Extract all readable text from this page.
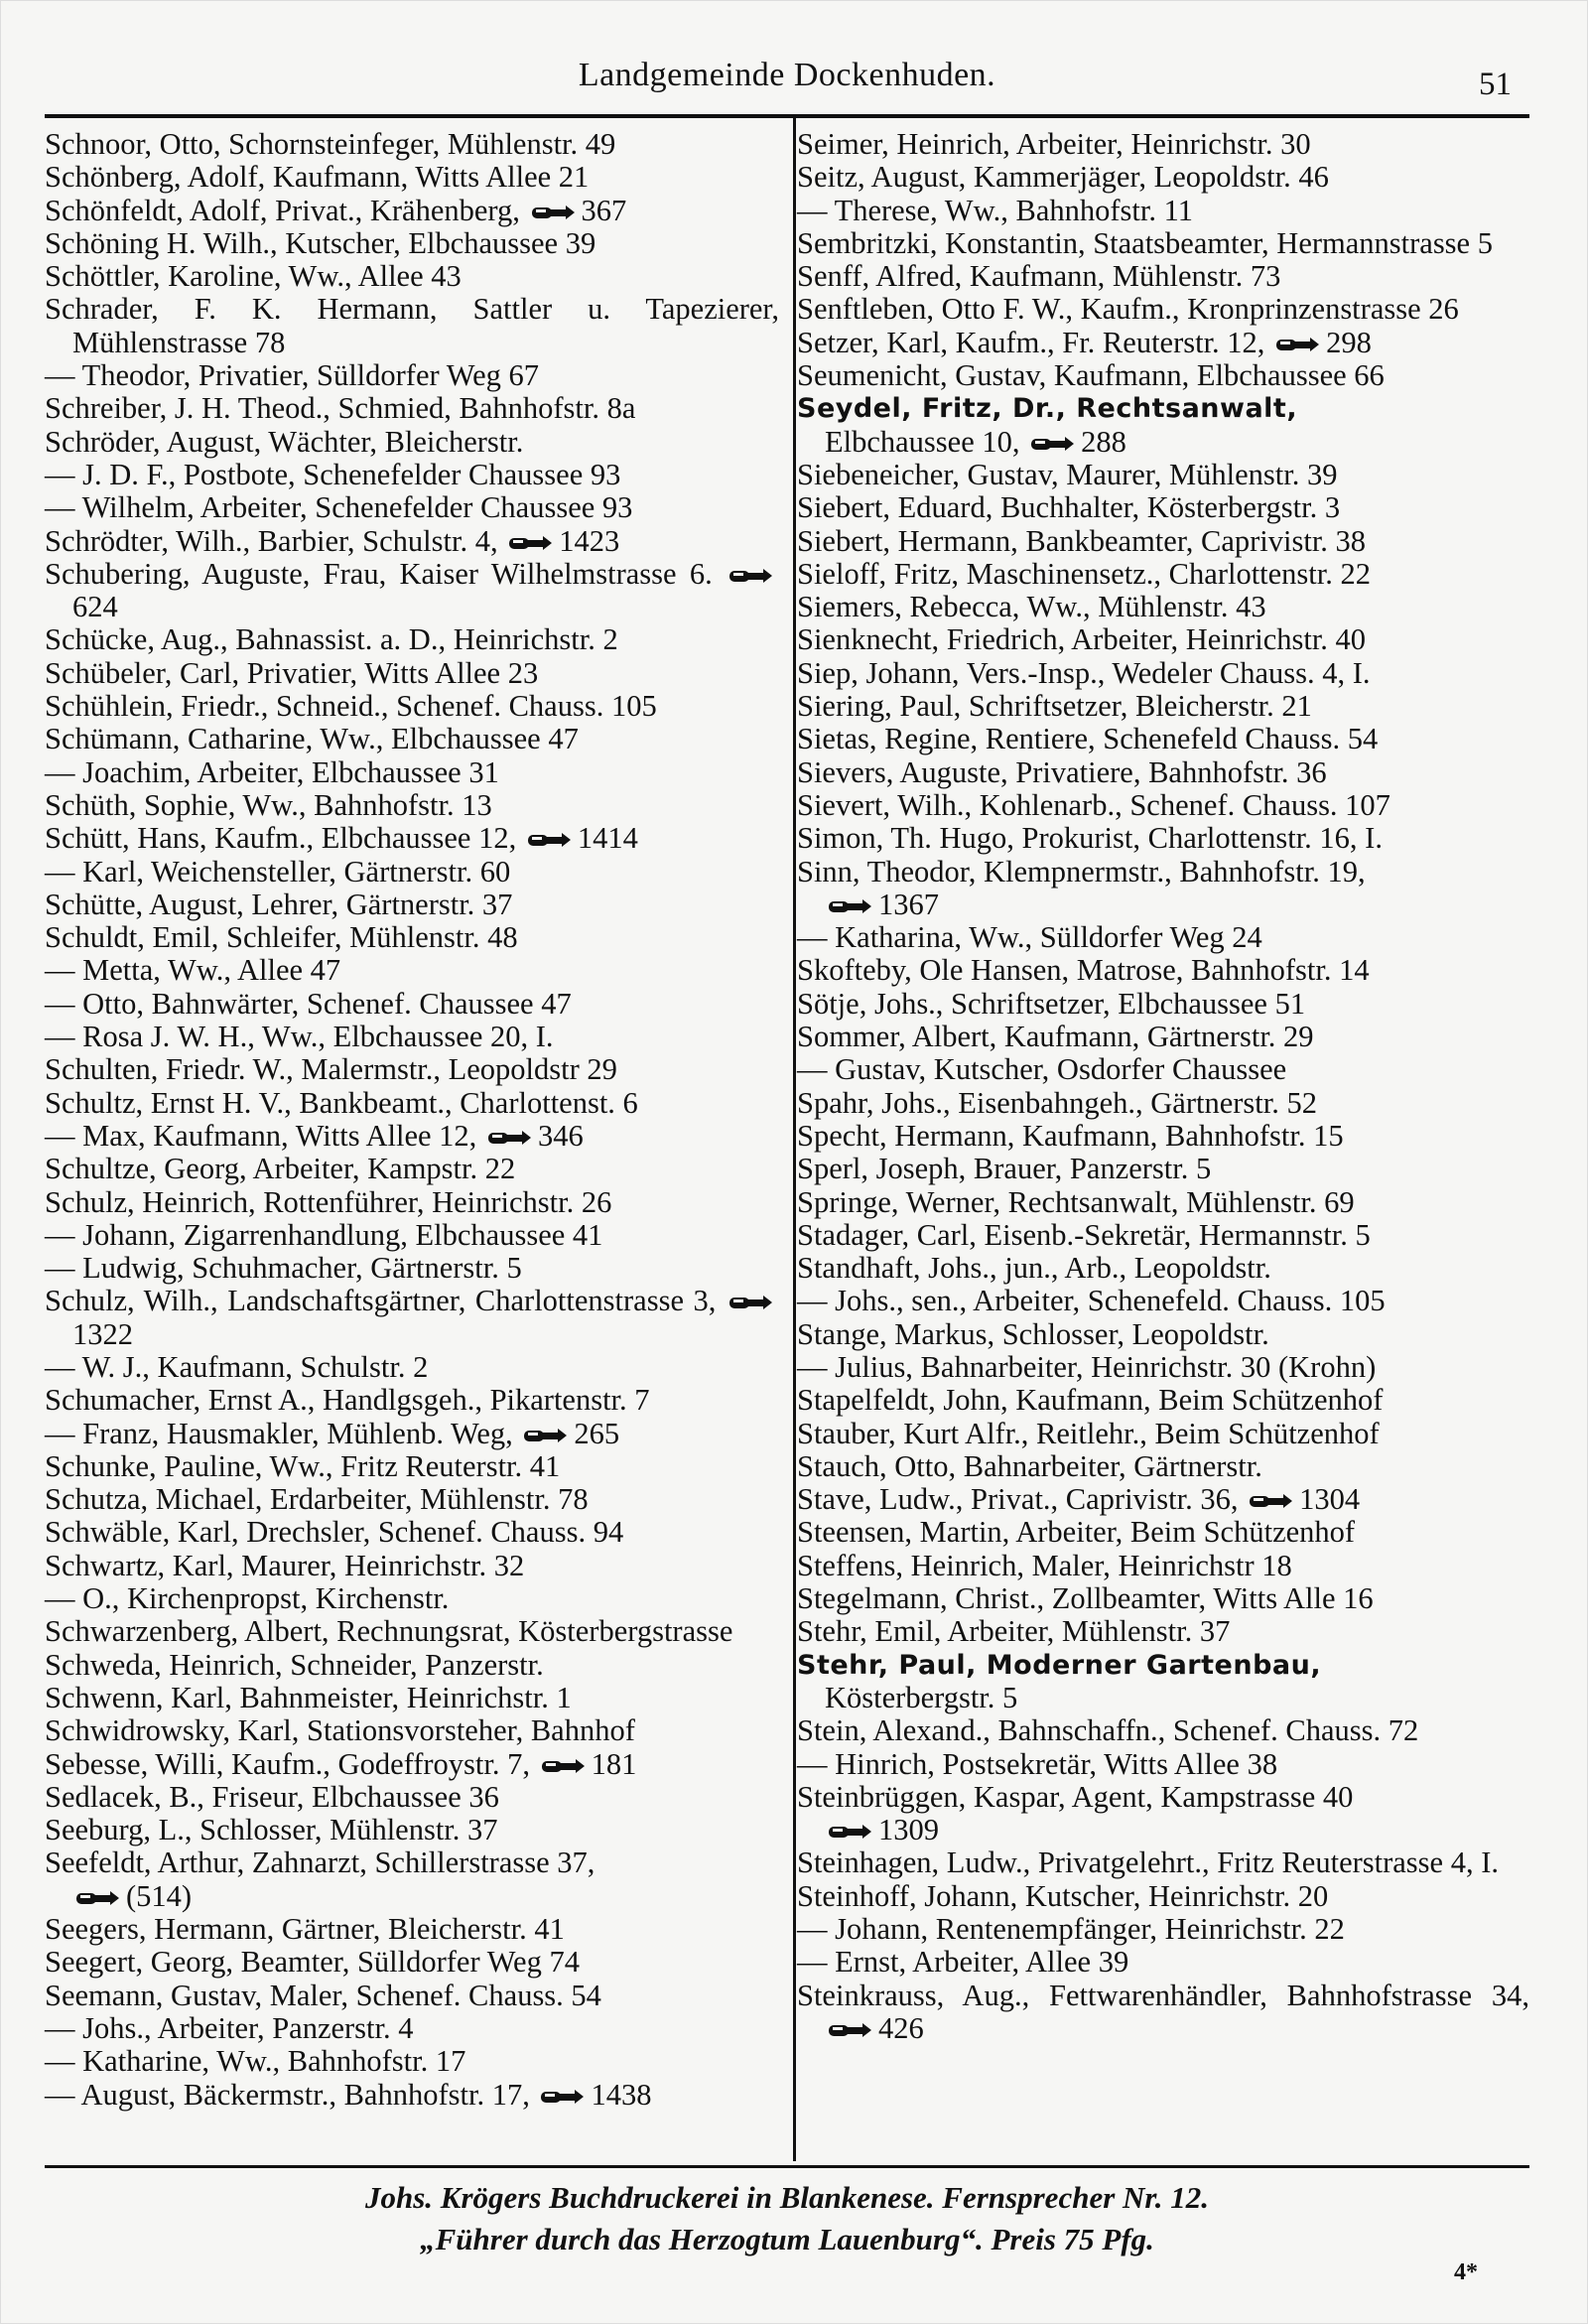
Landgemeinde Dockenhuden.	51
Schnoor, Otto, Schornsteinfeger, Mühlenstr. 49
Schönberg, Adolf, Kaufmann, Witts Allee 21
Schönfeldt, Adolf, Privat., Krähenberg, 367
Schöning H. Wilh., Kutscher, Elbchaussee 39
Schöttler, Karoline, Ww., Allee 43
Schrader, F. K. Hermann, Sattler u. Tapezierer, Mühlenstrasse 78
— Theodor, Privatier, Sülldorfer Weg 67
Schreiber, J. H. Theod., Schmied, Bahnhofstr. 8a
Schröder, August, Wächter, Bleicherstr.
— J. D. F., Postbote, Schenefelder Chaussee 93
— Wilhelm, Arbeiter, Schenefelder Chaussee 93
Schrödter, Wilh., Barbier, Schulstr. 4, 1423
Schubering, Auguste, Frau, Kaiser Wilhelmstrasse 6. 624
Schücke, Aug., Bahnassist. a. D., Heinrichstr. 2
Schübeler, Carl, Privatier, Witts Allee 23
Schühlein, Friedr., Schneid., Schenef. Chauss. 105
Schümann, Catharine, Ww., Elbchaussee 47
— Joachim, Arbeiter, Elbchaussee 31
Schüth, Sophie, Ww., Bahnhofstr. 13
Schütt, Hans, Kaufm., Elbchaussee 12, 1414
— Karl, Weichensteller, Gärtnerstr. 60
Schütte, August, Lehrer, Gärtnerstr. 37
Schuldt, Emil, Schleifer, Mühlenstr. 48
— Metta, Ww., Allee 47
— Otto, Bahnwärter, Schenef. Chaussee 47
— Rosa J. W. H., Ww., Elbchaussee 20, I.
Schulten, Friedr. W., Malermstr., Leopoldstr 29
Schultz, Ernst H. V., Bankbeamt., Charlottenst. 6
— Max, Kaufmann, Witts Allee 12, 346
Schultze, Georg, Arbeiter, Kampstr. 22
Schulz, Heinrich, Rottenführer, Heinrichstr. 26
— Johann, Zigarrenhandlung, Elbchaussee 41
— Ludwig, Schuhmacher, Gärtnerstr. 5
Schulz, Wilh., Landschaftsgärtner, Charlottenstrasse 3, 1322
— W. J., Kaufmann, Schulstr. 2
Schumacher, Ernst A., Handlgsgeh., Pikartenstr. 7
— Franz, Hausmakler, Mühlenb. Weg, 265
Schunke, Pauline, Ww., Fritz Reuterstr. 41
Schutza, Michael, Erdarbeiter, Mühlenstr. 78
Schwäble, Karl, Drechsler, Schenef. Chauss. 94
Schwartz, Karl, Maurer, Heinrichstr. 32
— O., Kirchenpropst, Kirchenstr.
Schwarzenberg, Albert, Rechnungsrat, Kösterbergstrasse
Schweda, Heinrich, Schneider, Panzerstr.
Schwenn, Karl, Bahnmeister, Heinrichstr. 1
Schwidrowsky, Karl, Stationsvorsteher, Bahnhof
Sebesse, Willi, Kaufm., Godeffroystr. 7, 181
Sedlacek, B., Friseur, Elbchaussee 36
Seeburg, L., Schlosser, Mühlenstr. 37
Seefeldt, Arthur, Zahnarzt, Schillerstrasse 37,
(514)
Seegers, Hermann, Gärtner, Bleicherstr. 41
Seegert, Georg, Beamter, Sülldorfer Weg 74
Seemann, Gustav, Maler, Schenef. Chauss. 54
— Johs., Arbeiter, Panzerstr. 4
— Katharine, Ww., Bahnhofstr. 17
— August, Bäckermstr., Bahnhofstr. 17, 1438
Seimer, Heinrich, Arbeiter, Heinrichstr. 30
Seitz, August, Kammerjäger, Leopoldstr. 46
— Therese, Ww., Bahnhofstr. 11
Sembritzki, Konstantin, Staatsbeamter, Hermannstrasse 5
Senff, Alfred, Kaufmann, Mühlenstr. 73
Senftleben, Otto F. W., Kaufm., Kronprinzenstrasse 26
Setzer, Karl, Kaufm., Fr. Reuterstr. 12, 298
Seumenicht, Gustav, Kaufmann, Elbchaussee 66
Seydel, Fritz, Dr., Rechtsanwalt,
Elbchaussee 10, 288
Siebeneicher, Gustav, Maurer, Mühlenstr. 39
Siebert, Eduard, Buchhalter, Kösterbergstr. 3
Siebert, Hermann, Bankbeamter, Caprivistr. 38
Sieloff, Fritz, Maschinensetz., Charlottenstr. 22
Siemers, Rebecca, Ww., Mühlenstr. 43
Sienknecht, Friedrich, Arbeiter, Heinrichstr. 40
Siep, Johann, Vers.-Insp., Wedeler Chauss. 4, I.
Siering, Paul, Schriftsetzer, Bleicherstr. 21
Sietas, Regine, Rentiere, Schenefeld Chauss. 54
Sievers, Auguste, Privatiere, Bahnhofstr. 36
Sievert, Wilh., Kohlenarb., Schenef. Chauss. 107
Simon, Th. Hugo, Prokurist, Charlottenstr. 16, I.
Sinn, Theodor, Klempnermstr., Bahnhofstr. 19,
1367
— Katharina, Ww., Sülldorfer Weg 24
Skofteby, Ole Hansen, Matrose, Bahnhofstr. 14
Sötje, Johs., Schriftsetzer, Elbchaussee 51
Sommer, Albert, Kaufmann, Gärtnerstr. 29
— Gustav, Kutscher, Osdorfer Chaussee
Spahr, Johs., Eisenbahngeh., Gärtnerstr. 52
Specht, Hermann, Kaufmann, Bahnhofstr. 15
Sperl, Joseph, Brauer, Panzerstr. 5
Springe, Werner, Rechtsanwalt, Mühlenstr. 69
Stadager, Carl, Eisenb.-Sekretär, Hermannstr. 5
Standhaft, Johs., jun., Arb., Leopoldstr.
— Johs., sen., Arbeiter, Schenefeld. Chauss. 105
Stange, Markus, Schlosser, Leopoldstr.
— Julius, Bahnarbeiter, Heinrichstr. 30 (Krohn)
Stapelfeldt, John, Kaufmann, Beim Schützenhof
Stauber, Kurt Alfr., Reitlehr., Beim Schützenhof
Stauch, Otto, Bahnarbeiter, Gärtnerstr.
Stave, Ludw., Privat., Caprivistr. 36, 1304
Steensen, Martin, Arbeiter, Beim Schützenhof
Steffens, Heinrich, Maler, Heinrichstr 18
Stegelmann, Christ., Zollbeamter, Witts Alle 16
Stehr, Emil, Arbeiter, Mühlenstr. 37
Stehr, Paul, Moderner Gartenbau,
Kösterbergstr. 5
Stein, Alexand., Bahnschaffn., Schenef. Chauss. 72
— Hinrich, Postsekretär, Witts Allee 38
Steinbrüggen, Kaspar, Agent, Kampstrasse 40
1309
Steinhagen, Ludw., Privatgelehrt., Fritz Reuterstrasse 4, I.
Steinhoff, Johann, Kutscher, Heinrichstr. 20
— Johann, Rentenempfänger, Heinrichstr. 22
— Ernst, Arbeiter, Allee 39
Steinkrauss, Aug., Fettwarenhändler, Bahnhofstrasse 34, 426
Johs. Krögers Buchdruckerei in Blankenese. Fernsprecher Nr. 12.
„Führer durch das Herzogtum Lauenburg“. Preis 75 Pfg.
4*
